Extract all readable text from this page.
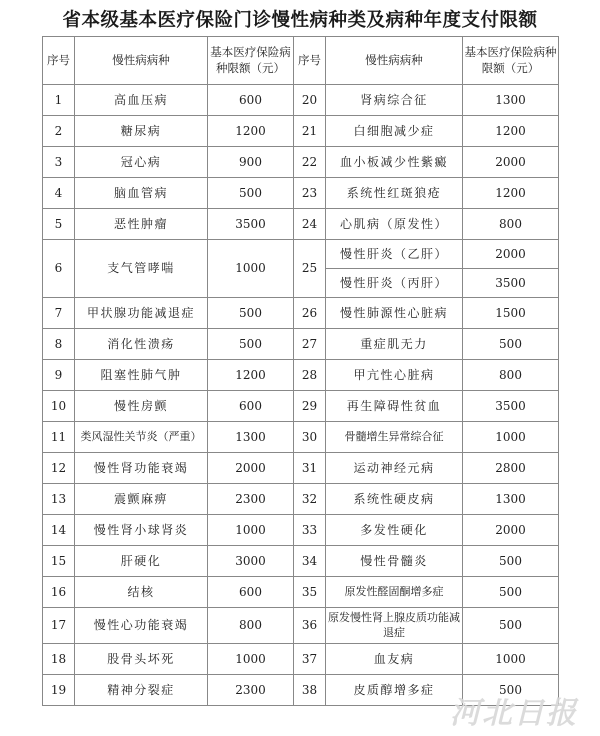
省本级基本医疗保险门诊慢性病种类及病种年度支付限额
序号	慢性病病种	基本医疗保险病种限额（元）	序号	慢性病病种	基本医疗保险病种限额（元）
1	高血压病	600	20	肾病综合征	1300
2	糖尿病	1200	21	白细胞减少症	1200
3	冠心病	900	22	血小板减少性紫癜	2000
4	脑血管病	500	23	系统性红斑狼疮	1200
5	恶性肿瘤	3500	24	心肌病（原发性）	800
6	支气管哮喘	1000	25	慢性肝炎（乙肝）	2000
				慢性肝炎（丙肝）	3500
7	甲状腺功能减退症	500	26	慢性肺源性心脏病	1500
8	消化性溃疡	500	27	重症肌无力	500
9	阻塞性肺气肿	1200	28	甲亢性心脏病	800
10	慢性房颤	600	29	再生障碍性贫血	3500
11	类风湿性关节炎（严重）	1300	30	骨髓增生异常综合征	1000
12	慢性肾功能衰竭	2000	31	运动神经元病	2800
13	震颤麻痹	2300	32	系统性硬皮病	1300
14	慢性肾小球肾炎	1000	33	多发性硬化	2000
15	肝硬化	3000	34	慢性骨髓炎	500
16	结核	600	35	原发性醛固酮增多症	500
17	慢性心功能衰竭	800	36	原发慢性肾上腺皮质功能减退症	500
18	股骨头坏死	1000	37	血友病	1000
19	精神分裂症	2300	38	皮质醇增多症	500
河北日报
